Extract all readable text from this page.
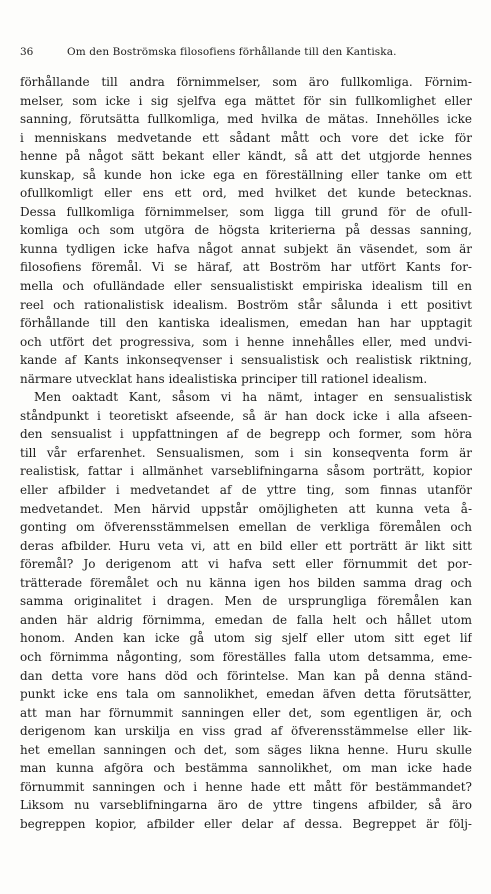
36	Om den Boströmska filosofiens förhållande till den Kantiska.
förhållande till andra förnimmelser, som äro fullkomliga. Förnim-
melser, som icke i sig sjelfva ega mättet för sin fullkomlighet eller
sanning, förutsätta fullkomliga, med hvilka de mätas. Innehölles icke
i menniskans medvetande ett sådant mått och vore det icke för
henne på något sätt bekant eller kändt, så att det utgjorde hennes
kunskap, så kunde hon icke ega en föreställning eller tanke om ett
ofullkomligt eller ens ett ord, med hvilket det kunde betecknas.
Dessa fullkomliga förnimmelser, som ligga till grund för de ofull-
komliga och som utgöra de högsta kriterierna på dessas sanning,
kunna tydligen icke hafva något annat subjekt än väsendet, som är
filosofiens föremål. Vi se häraf, att Boström har utfört Kants for-
mella och ofulländade eller sensualistiskt empiriska idealism till en
reel och rationalistisk idealism. Boström står sålunda i ett positivt
förhållande till den kantiska idealismen, emedan han har upptagit
och utfört det progressiva, som i henne innehålles eller, med undvi-
kande af Kants inkonseqvenser i sensualistisk och realistisk riktning,
närmare utvecklat hans idealistiska principer till rationel idealism.
Men oaktadt Kant, såsom vi ha nämt, intager en sensualistisk
ståndpunkt i teoretiskt afseende, så är han dock icke i alla afseen-
den sensualist i uppfattningen af de begrepp och former, som höra
till vår erfarenhet. Sensualismen, som i sin konseqventa form är
realistisk, fattar i allmänhet varseblifningarna såsom porträtt, kopior
eller afbilder i medvetandet af de yttre ting, som finnas utanför
medvetandet. Men härvid uppstår omöjligheten att kunna veta å-
gonting om öfverensstämmelsen emellan de verkliga föremålen och
deras afbilder. Huru veta vi, att en bild eller ett porträtt är likt sitt
föremål? Jo derigenom att vi hafva sett eller förnummit det por-
trätterade föremålet och nu känna igen hos bilden samma drag och
samma originalitet i dragen. Men de ursprungliga föremålen kan
anden här aldrig förnimma, emedan de falla helt och hållet utom
honom. Anden kan icke gå utom sig sjelf eller utom sitt eget lif
och förnimma någonting, som föreställes falla utom detsamma, eme-
dan detta vore hans död och förintelse. Man kan på denna ständ-
punkt icke ens tala om sannolikhet, emedan äfven detta förutsätter,
att man har förnummit sanningen eller det, som egentligen är, och
derigenom kan urskilja en viss grad af öfverensstämmelse eller lik-
het emellan sanningen och det, som säges likna henne. Huru skulle
man kunna afgöra och bestämma sannolikhet, om man icke hade
förnummit sanningen och i henne hade ett mått för bestämmandet?
Liksom nu varseblifningarna äro de yttre tingens afbilder, så äro
begreppen kopior, afbilder eller delar af dessa. Begreppet är följ-
